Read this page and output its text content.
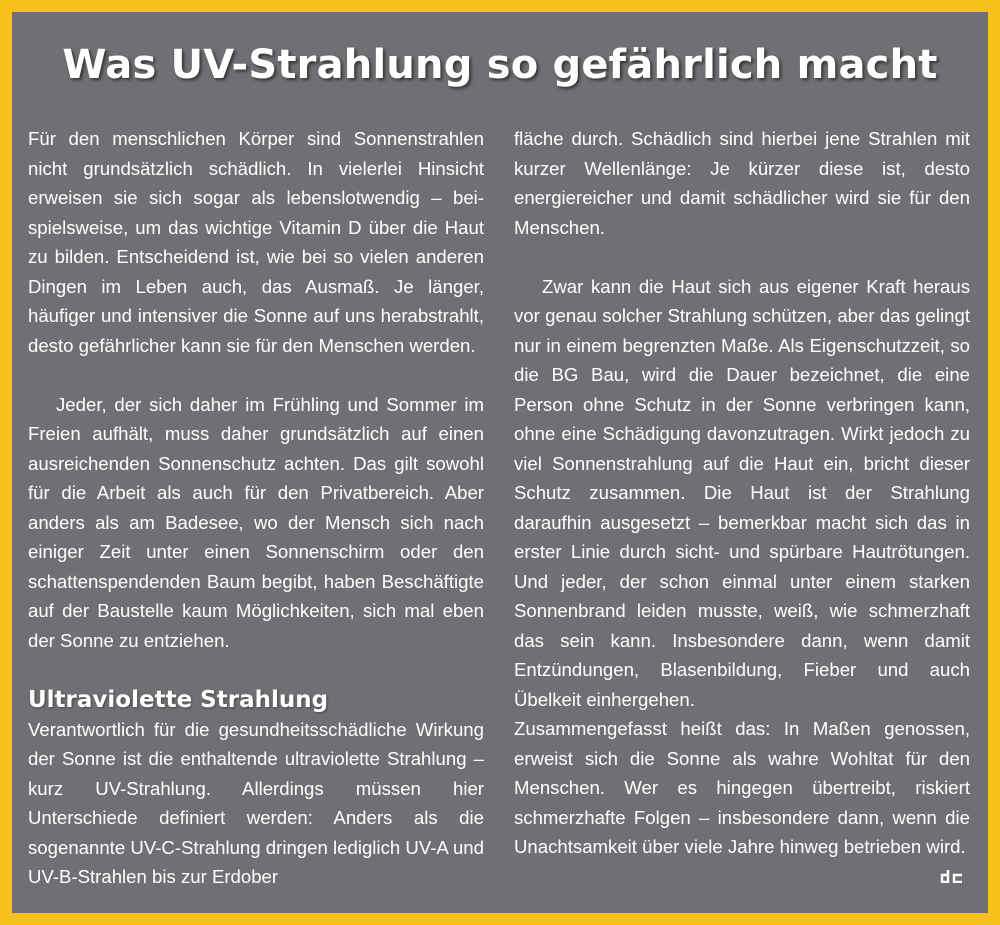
Was UV-Strahlung so gefährlich macht

Für den menschlichen Körper sind Sonnenstrahlen nicht grundsätzlich schädlich. In vielerlei Hinsicht erweisen sie sich sogar als lebenslotwendig – beispielsweise, um das wichtige Vitamin D über die Haut zu bilden. Entscheidend ist, wie bei so vielen anderen Dingen im Leben auch, das Ausmaß. Je länger, häufiger und intensiver die Sonne auf uns herabstrahlt, desto gefährlicher kann sie für den Menschen werden.

Jeder, der sich daher im Frühling und Sommer im Freien aufhält, muss daher grundsätzlich auf einen ausreichenden Sonnenschutz achten. Das gilt sowohl für die Arbeit als auch für den Privatbereich. Aber anders als am Badesee, wo der Mensch sich nach einiger Zeit unter einen Sonnenschirm oder den schattenspendenden Baum begibt, haben Beschäftigte auf der Baustelle kaum Möglichkeiten, sich mal eben der Sonne zu entziehen.

Ultraviolette Strahlung

Verantwortlich für die gesundheitsschädliche Wirkung der Sonne ist die enthaltende ultraviolette Strahlung – kurz UV-Strahlung. Allerdings müssen hier Unterschiede definiert werden: Anders als die sogenannte UV-C-Strahlung dringen lediglich UV-A und UV-B-Strahlen bis zur Erdober

fläche durch. Schädlich sind hierbei jene Strahlen mit kurzer Wellenlänge: Je kürzer diese ist, desto energiereicher und damit schädlicher wird sie für den Menschen.

Zwar kann die Haut sich aus eigener Kraft heraus vor genau solcher Strahlung schützen, aber das gelingt nur in einem begrenzten Maße. Als Eigenschutzzeit, so die BG Bau, wird die Dauer bezeichnet, die eine Person ohne Schutz in der Sonne verbringen kann, ohne eine Schädigung davonzutragen. Wirkt jedoch zu viel Sonnenstrahlung auf die Haut ein, bricht dieser Schutz zusammen. Die Haut ist der Strahlung daraufhin ausgesetzt – bemerkbar macht sich das in erster Linie durch sicht- und spürbare Hautrötungen. Und jeder, der schon einmal unter einem starken Sonnenbrand leiden musste, weiß, wie schmerzhaft das sein kann. Insbesondere dann, wenn damit Entzündungen, Blasenbildung, Fieber und auch Übelkeit einhergehen.

Zusammengefasst heißt das: In Maßen genossen, erweist sich die Sonne als wahre Wohltat für den Menschen. Wer es hingegen übertreibt, riskiert schmerzhafte Folgen – insbesondere dann, wenn die Unachtsamkeit über viele Jahre hinweg betrieben wird.
